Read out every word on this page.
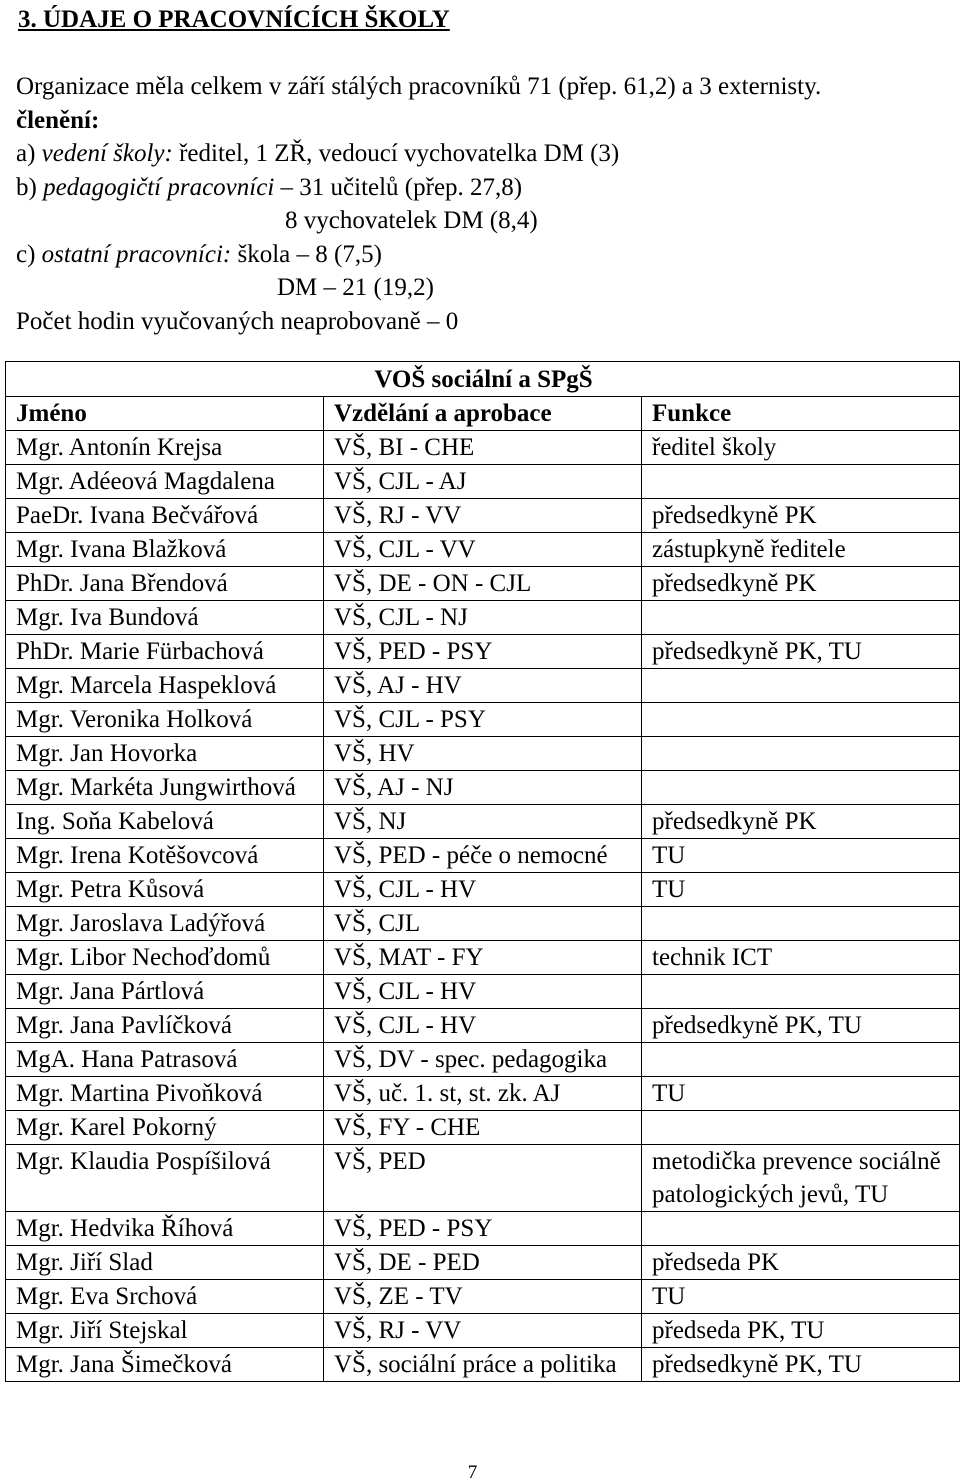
3. ÚDAJE O PRACOVNÍCÍCH ŠKOLY
Organizace měla celkem v září stálých pracovníků 71 (přep. 61,2) a 3 externisty.
členění:
a) vedení školy: ředitel, 1 ZŘ, vedoucí vychovatelka DM (3)
b) pedagogičtí pracovníci – 31 učitelů (přep. 27,8)
8 vychovatelek DM (8,4)
c) ostatní pracovníci: škola – 8 (7,5)
DM – 21 (19,2)
Počet hodin vyučovaných neaprobovaně – 0
VOŠ sociální a SPgŠ		
Jméno	Vzdělání a aprobace	Funkce
Mgr. Antonín Krejsa	VŠ, BI - CHE	ředitel školy
Mgr. Adéeová Magdalena	VŠ, CJL - AJ	
PaeDr. Ivana Bečvářová	VŠ, RJ - VV	předsedkyně PK
Mgr. Ivana Blažková	VŠ, CJL - VV	zástupkyně ředitele
PhDr. Jana Břendová	VŠ, DE - ON - CJL	předsedkyně PK
Mgr. Iva Bundová	VŠ, CJL - NJ	
PhDr. Marie Fürbachová	VŠ, PED - PSY	předsedkyně PK, TU
Mgr. Marcela Haspeklová	VŠ, AJ - HV	
Mgr. Veronika Holková	VŠ, CJL - PSY	
Mgr. Jan Hovorka	VŠ, HV	
Mgr. Markéta Jungwirthová	VŠ, AJ - NJ	
Ing. Soňa Kabelová	VŠ, NJ	předsedkyně PK
Mgr. Irena Kotěšovcová	VŠ, PED - péče o nemocné	TU
Mgr. Petra Kůsová	VŠ, CJL - HV	TU
Mgr. Jaroslava Ladýřová	VŠ, CJL	
Mgr. Libor Nechoďdomů	VŠ, MAT - FY	technik ICT
Mgr. Jana Pártlová	VŠ, CJL - HV	
Mgr. Jana Pavlíčková	VŠ, CJL - HV	předsedkyně PK, TU
MgA. Hana Patrasová	VŠ, DV - spec. pedagogika	
Mgr. Martina Pivoňková	VŠ, uč. 1. st, st. zk. AJ	TU
Mgr. Karel Pokorný	VŠ, FY - CHE	
Mgr. Klaudia Pospíšilová	VŠ, PED	metodička prevence sociálně patologických jevů, TU
Mgr. Hedvika Říhová	VŠ, PED - PSY	
Mgr. Jiří Slad	VŠ, DE - PED	předseda PK
Mgr. Eva Srchová	VŠ, ZE - TV	TU
Mgr. Jiří Stejskal	VŠ, RJ - VV	předseda PK, TU
Mgr. Jana Šimečková	VŠ, sociální práce a politika	předsedkyně PK, TU
7
